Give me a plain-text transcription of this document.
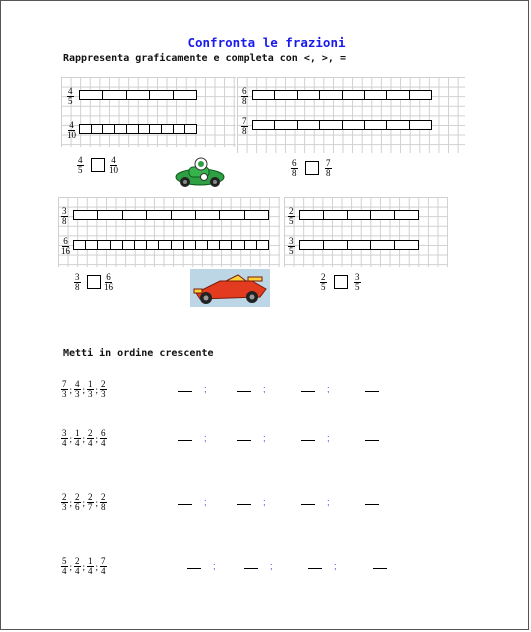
Confronta le frazioni
Rappresenta graficamente e completa con <, >, =
$\frac{4}{5}$
$\frac{4}{10}$
$\frac{4}{5}$	$\frac{4}{10}$
$\frac{6}{8}$
$\frac{7}{8}$
$\frac{6}{8}$	$\frac{7}{8}$
$\frac{3}{8}$
$\frac{6}{16}$
$\frac{3}{8}$	$\frac{6}{16}$
$\frac{2}{5}$
$\frac{3}{5}$
$\frac{2}{5}$	$\frac{3}{5}$
Metti in ordine crescente
$\frac{7}{3}$ ; $\frac{4}{3}$ ; $\frac{1}{3}$ ; $\frac{2}{3}$	;	;	;
$\frac{3}{4}$ ; $\frac{1}{4}$ ; $\frac{2}{4}$ ; $\frac{6}{4}$	;	;	;
$\frac{2}{3}$ ; $\frac{2}{6}$ ; $\frac{2}{7}$ ; $\frac{2}{8}$	;	;	;
$\frac{5}{4}$ ; $\frac{2}{4}$ ; $\frac{1}{4}$ ; $\frac{7}{4}$	;	;	;
